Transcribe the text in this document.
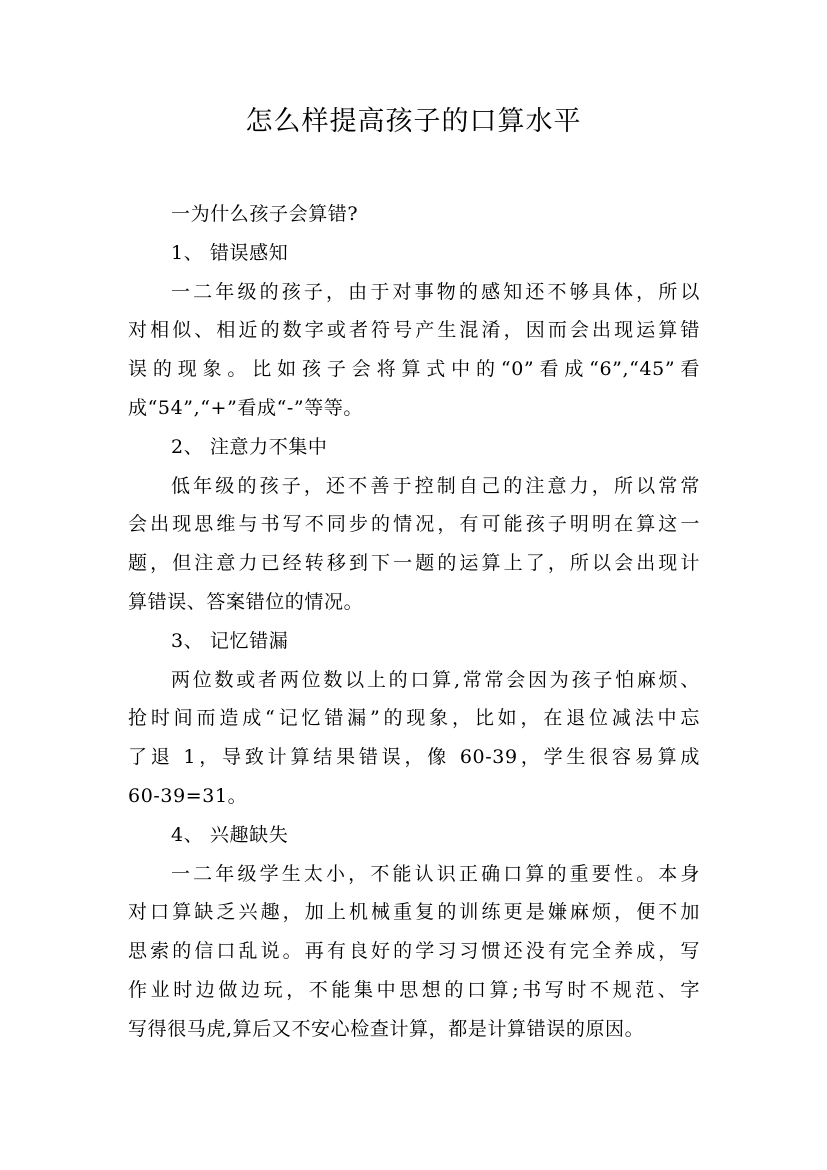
怎么样提高孩子的口算水平
一为什么孩子会算错?
1、 错误感知
一二年级的孩子，由于对事物的感知还不够具体，所以
对相似、相近的数字或者符号产生混淆，因而会出现运算错
误的现象。比如孩子会将算式中的“0”看成“6”,“45”看
成“54”,“+”看成“-”等等。
2、 注意力不集中
低年级的孩子，还不善于控制自己的注意力，所以常常
会出现思维与书写不同步的情况，有可能孩子明明在算这一
题，但注意力已经转移到下一题的运算上了，所以会出现计
算错误、答案错位的情况。
3、 记忆错漏
两位数或者两位数以上的口算,常常会因为孩子怕麻烦、
抢时间而造成“记忆错漏”的现象，比如，在退位减法中忘
了退 1，导致计算结果错误，像 60-39，学生很容易算成
60-39=31。
4、 兴趣缺失
一二年级学生太小，不能认识正确口算的重要性。本身
对口算缺乏兴趣，加上机械重复的训练更是嫌麻烦，便不加
思索的信口乱说。再有良好的学习习惯还没有完全养成，写
作业时边做边玩，不能集中思想的口算;书写时不规范、字
写得很马虎,算后又不安心检查计算，都是计算错误的原因。
